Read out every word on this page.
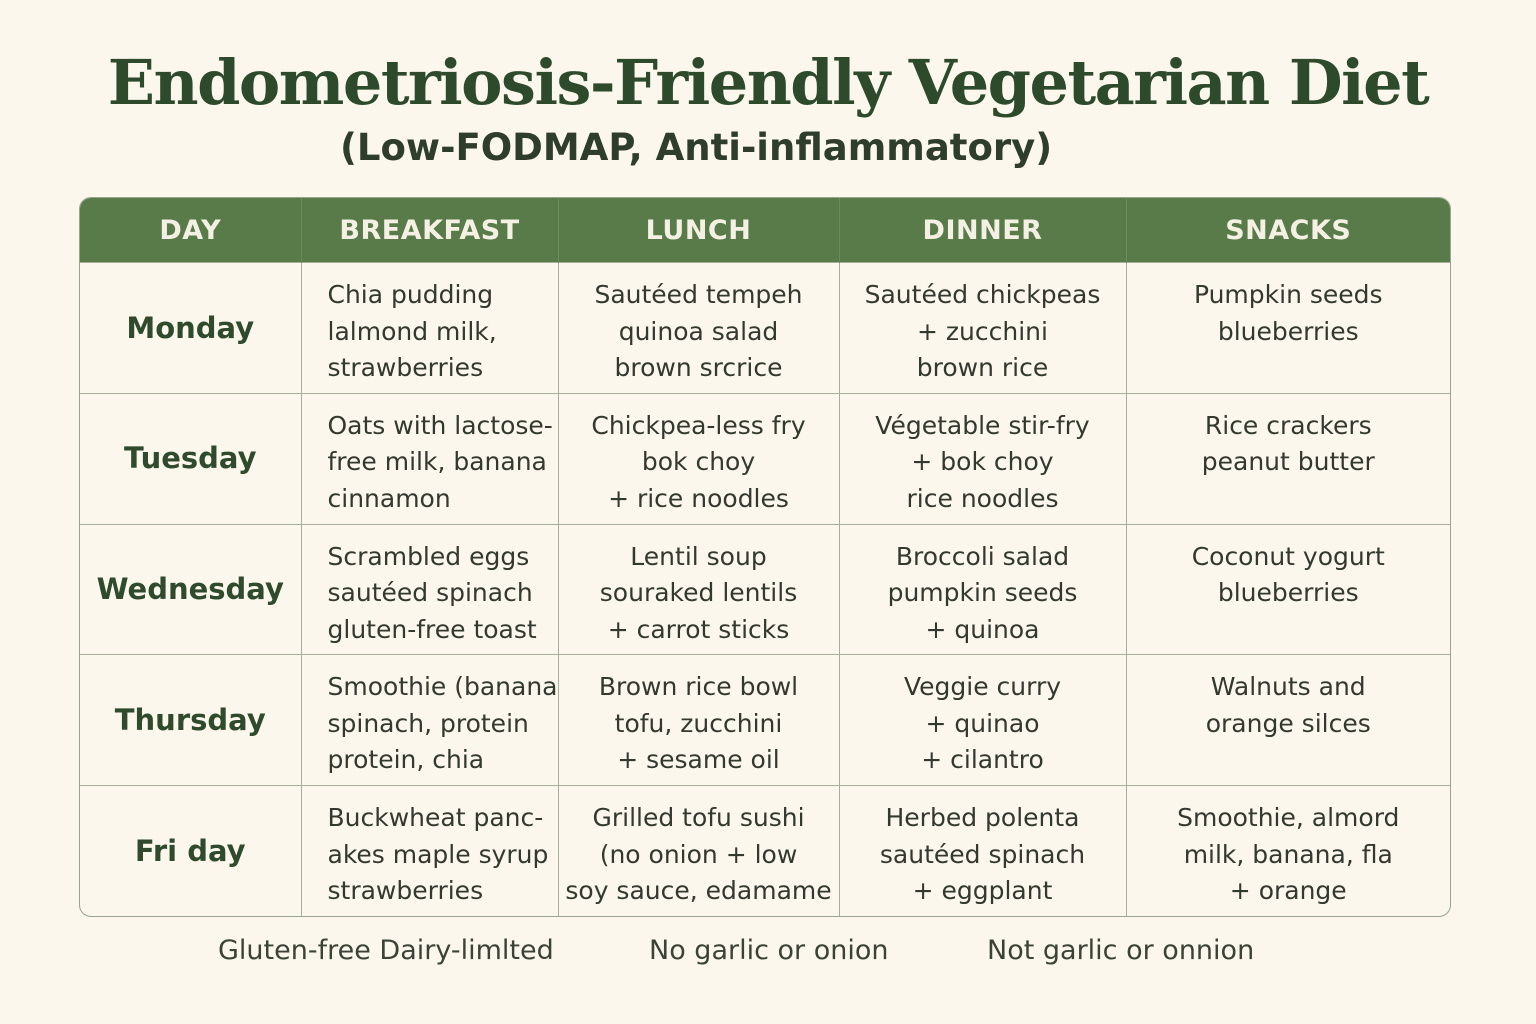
Endometriosis-Friendly Vegetarian Diet
(Low-FODMAP, Anti-inflammatory)
DAY	BREAKFAST	LUNCH	DINNER	SNACKS
Monday	Chia pudding
lalmond milk,
strawberries	Sautéed tempeh
quinoa salad
brown srcrice	Sautéed chickpeas
+ zucchini
brown rice	Pumpkin seeds
blueberries

Tuesday	Oats with lactose-
free milk, banana
cinnamon	Chickpea-less fry
bok choy
+ rice noodles	Végetable stir-fry
+ bok choy
rice noodles	Rice crackers
peanut butter

Wednesday	Scrambled eggs
sautéed spinach
gluten-free toast	Lentil soup
souraked lentils
+ carrot sticks	Broccoli salad
pumpkin seeds
+ quinoa	Coconut yogurt
blueberries

Thursday	Smoothie (banana
spinach, protein
protein, chia	Brown rice bowl
tofu, zucchini
+ sesame oil	Veggie curry
+ quinao
+ cilantro	Walnuts and
orange silces

Fri day	Buckwheat panc-
akes maple syrup
strawberries	Grilled tofu sushi
(no onion + low
soy sauce, edamame	Herbed polenta
sautéed spinach
+ eggplant	Smoothie, almord
milk, banana, fla
+ orange
Gluten-free Dairy-limlted	No garlic or onion	Not garlic or onnion
